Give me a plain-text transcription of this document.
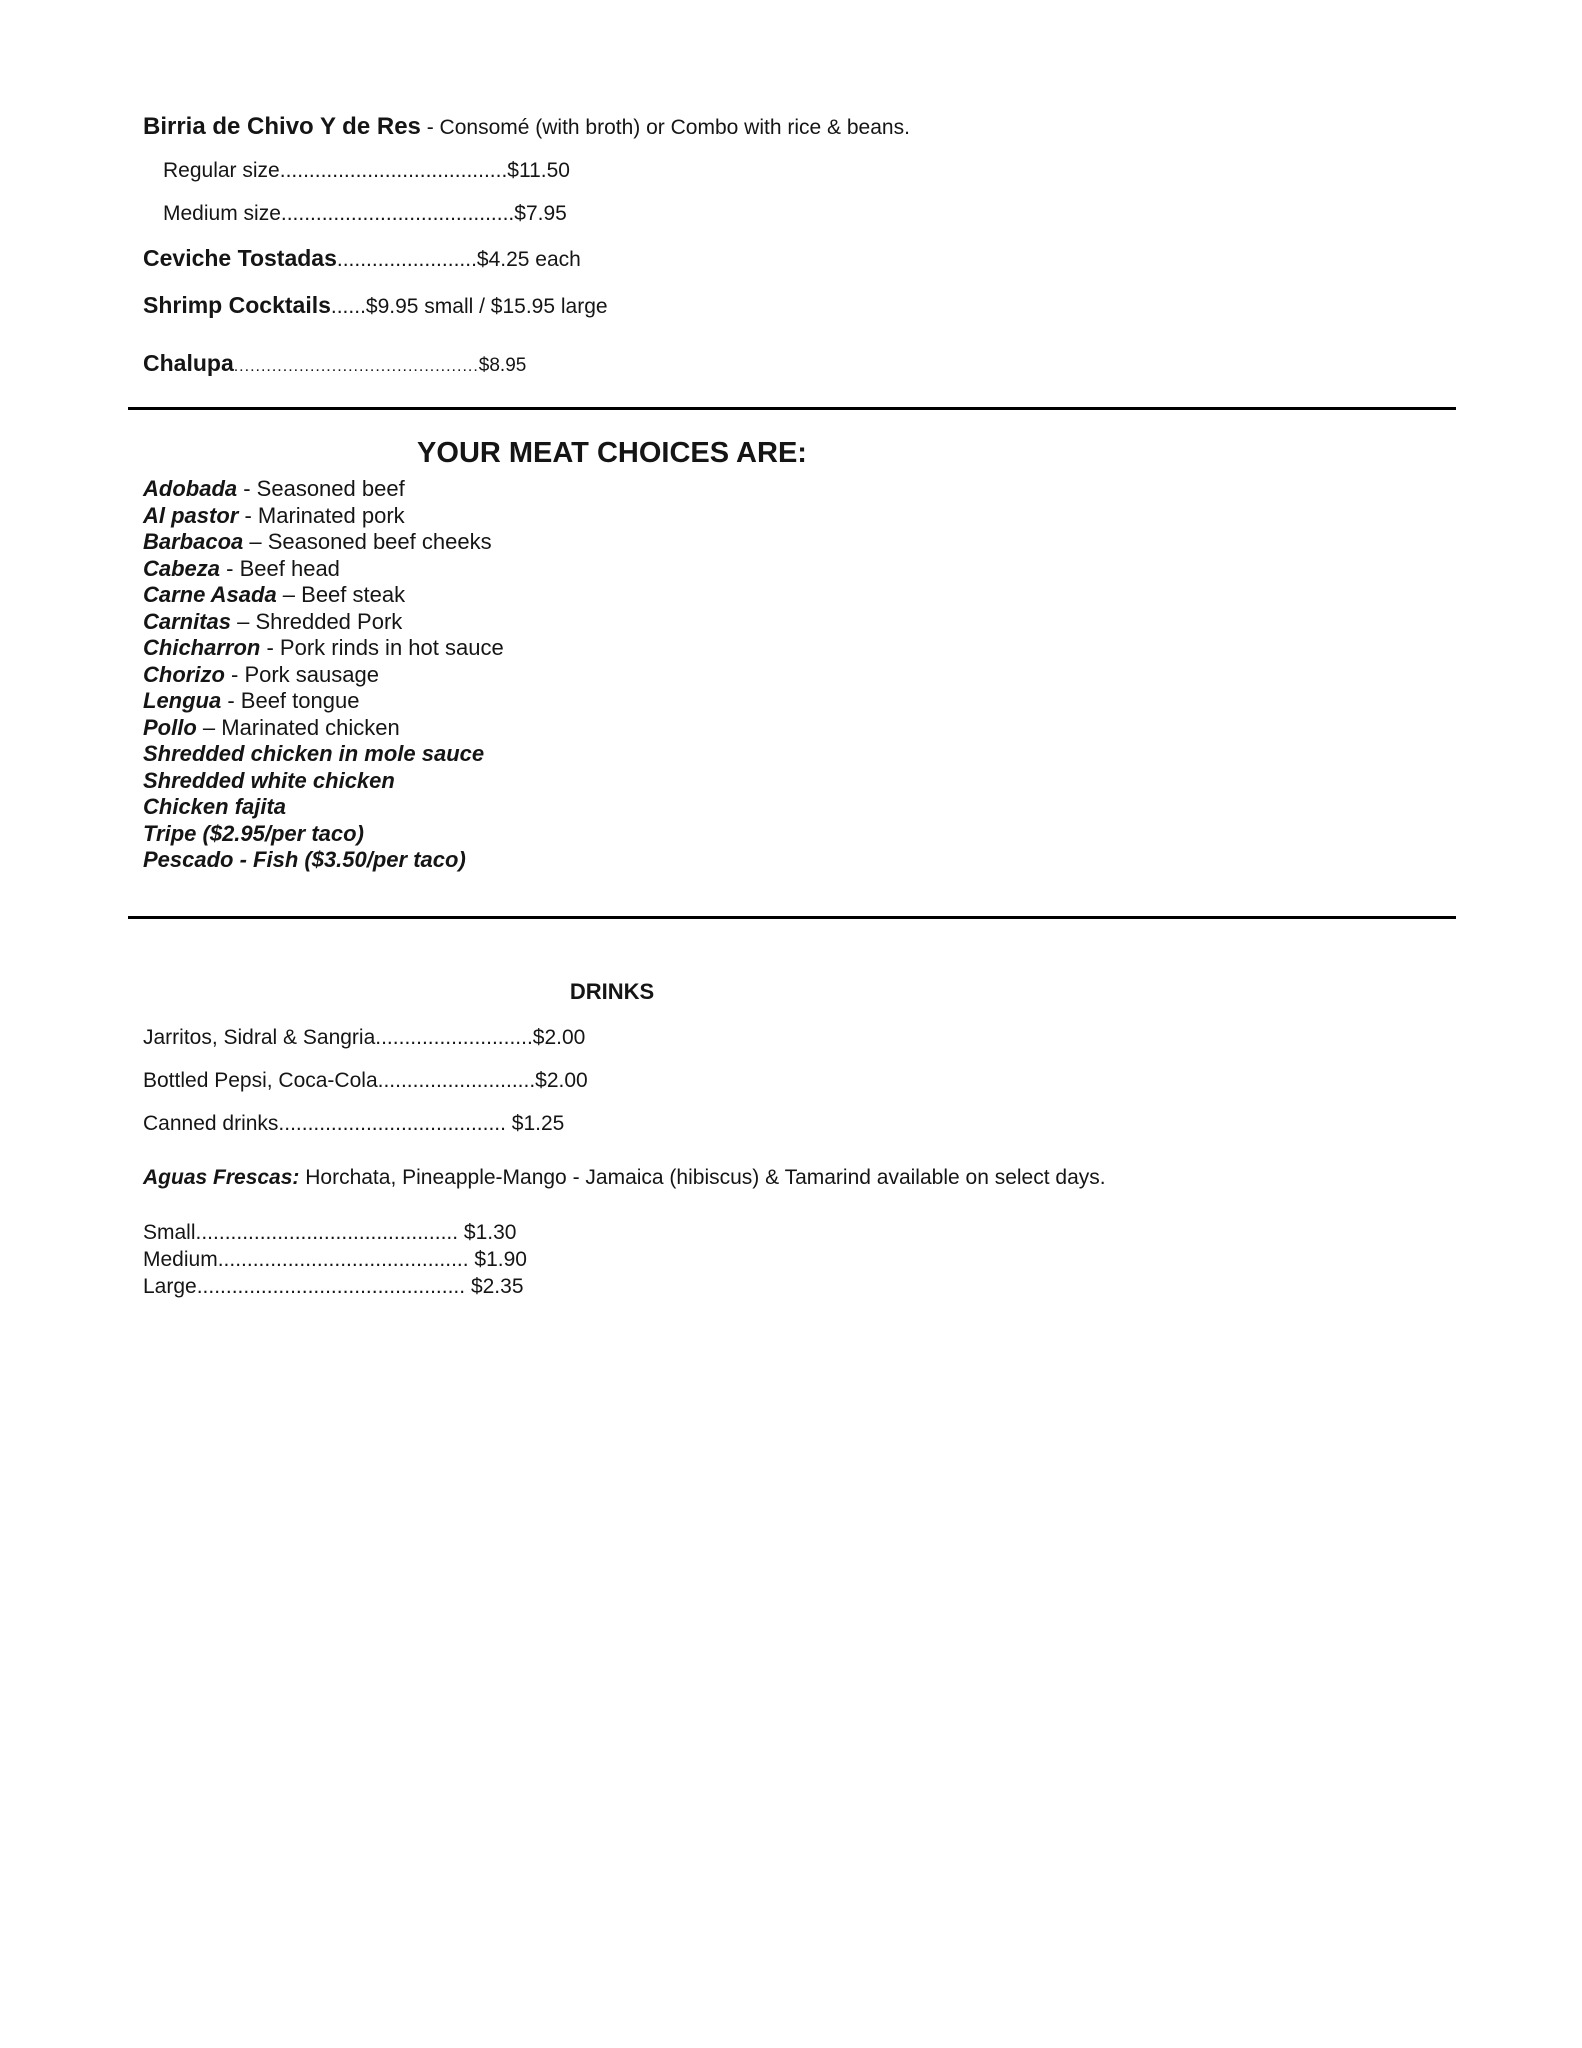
Birria de Chivo Y de Res - Consomé (with broth) or Combo with rice & beans.
Regular size.......................................$11.50
Medium size........................................$7.95
Ceviche Tostadas........................$4.25 each
Shrimp Cocktails......$9.95 small / $15.95 large
Chalupa.............................................$8.95
YOUR MEAT CHOICES ARE:
Adobada - Seasoned beef
Al pastor - Marinated pork
Barbacoa – Seasoned beef cheeks
Cabeza - Beef head
Carne Asada – Beef steak
Carnitas – Shredded Pork
Chicharron - Pork rinds in hot sauce
Chorizo - Pork sausage
Lengua - Beef tongue
Pollo – Marinated chicken
Shredded chicken in mole sauce
Shredded white chicken
Chicken fajita
Tripe ($2.95/per taco)
Pescado - Fish ($3.50/per taco)
DRINKS
Jarritos, Sidral & Sangria...........................$2.00
Bottled Pepsi, Coca-Cola...........................$2.00
Canned drinks....................................... $1.25
Aguas Frescas: Horchata, Pineapple-Mango - Jamaica (hibiscus) & Tamarind available on select days.
Small............................................. $1.30
Medium........................................... $1.90
Large.............................................. $2.35
